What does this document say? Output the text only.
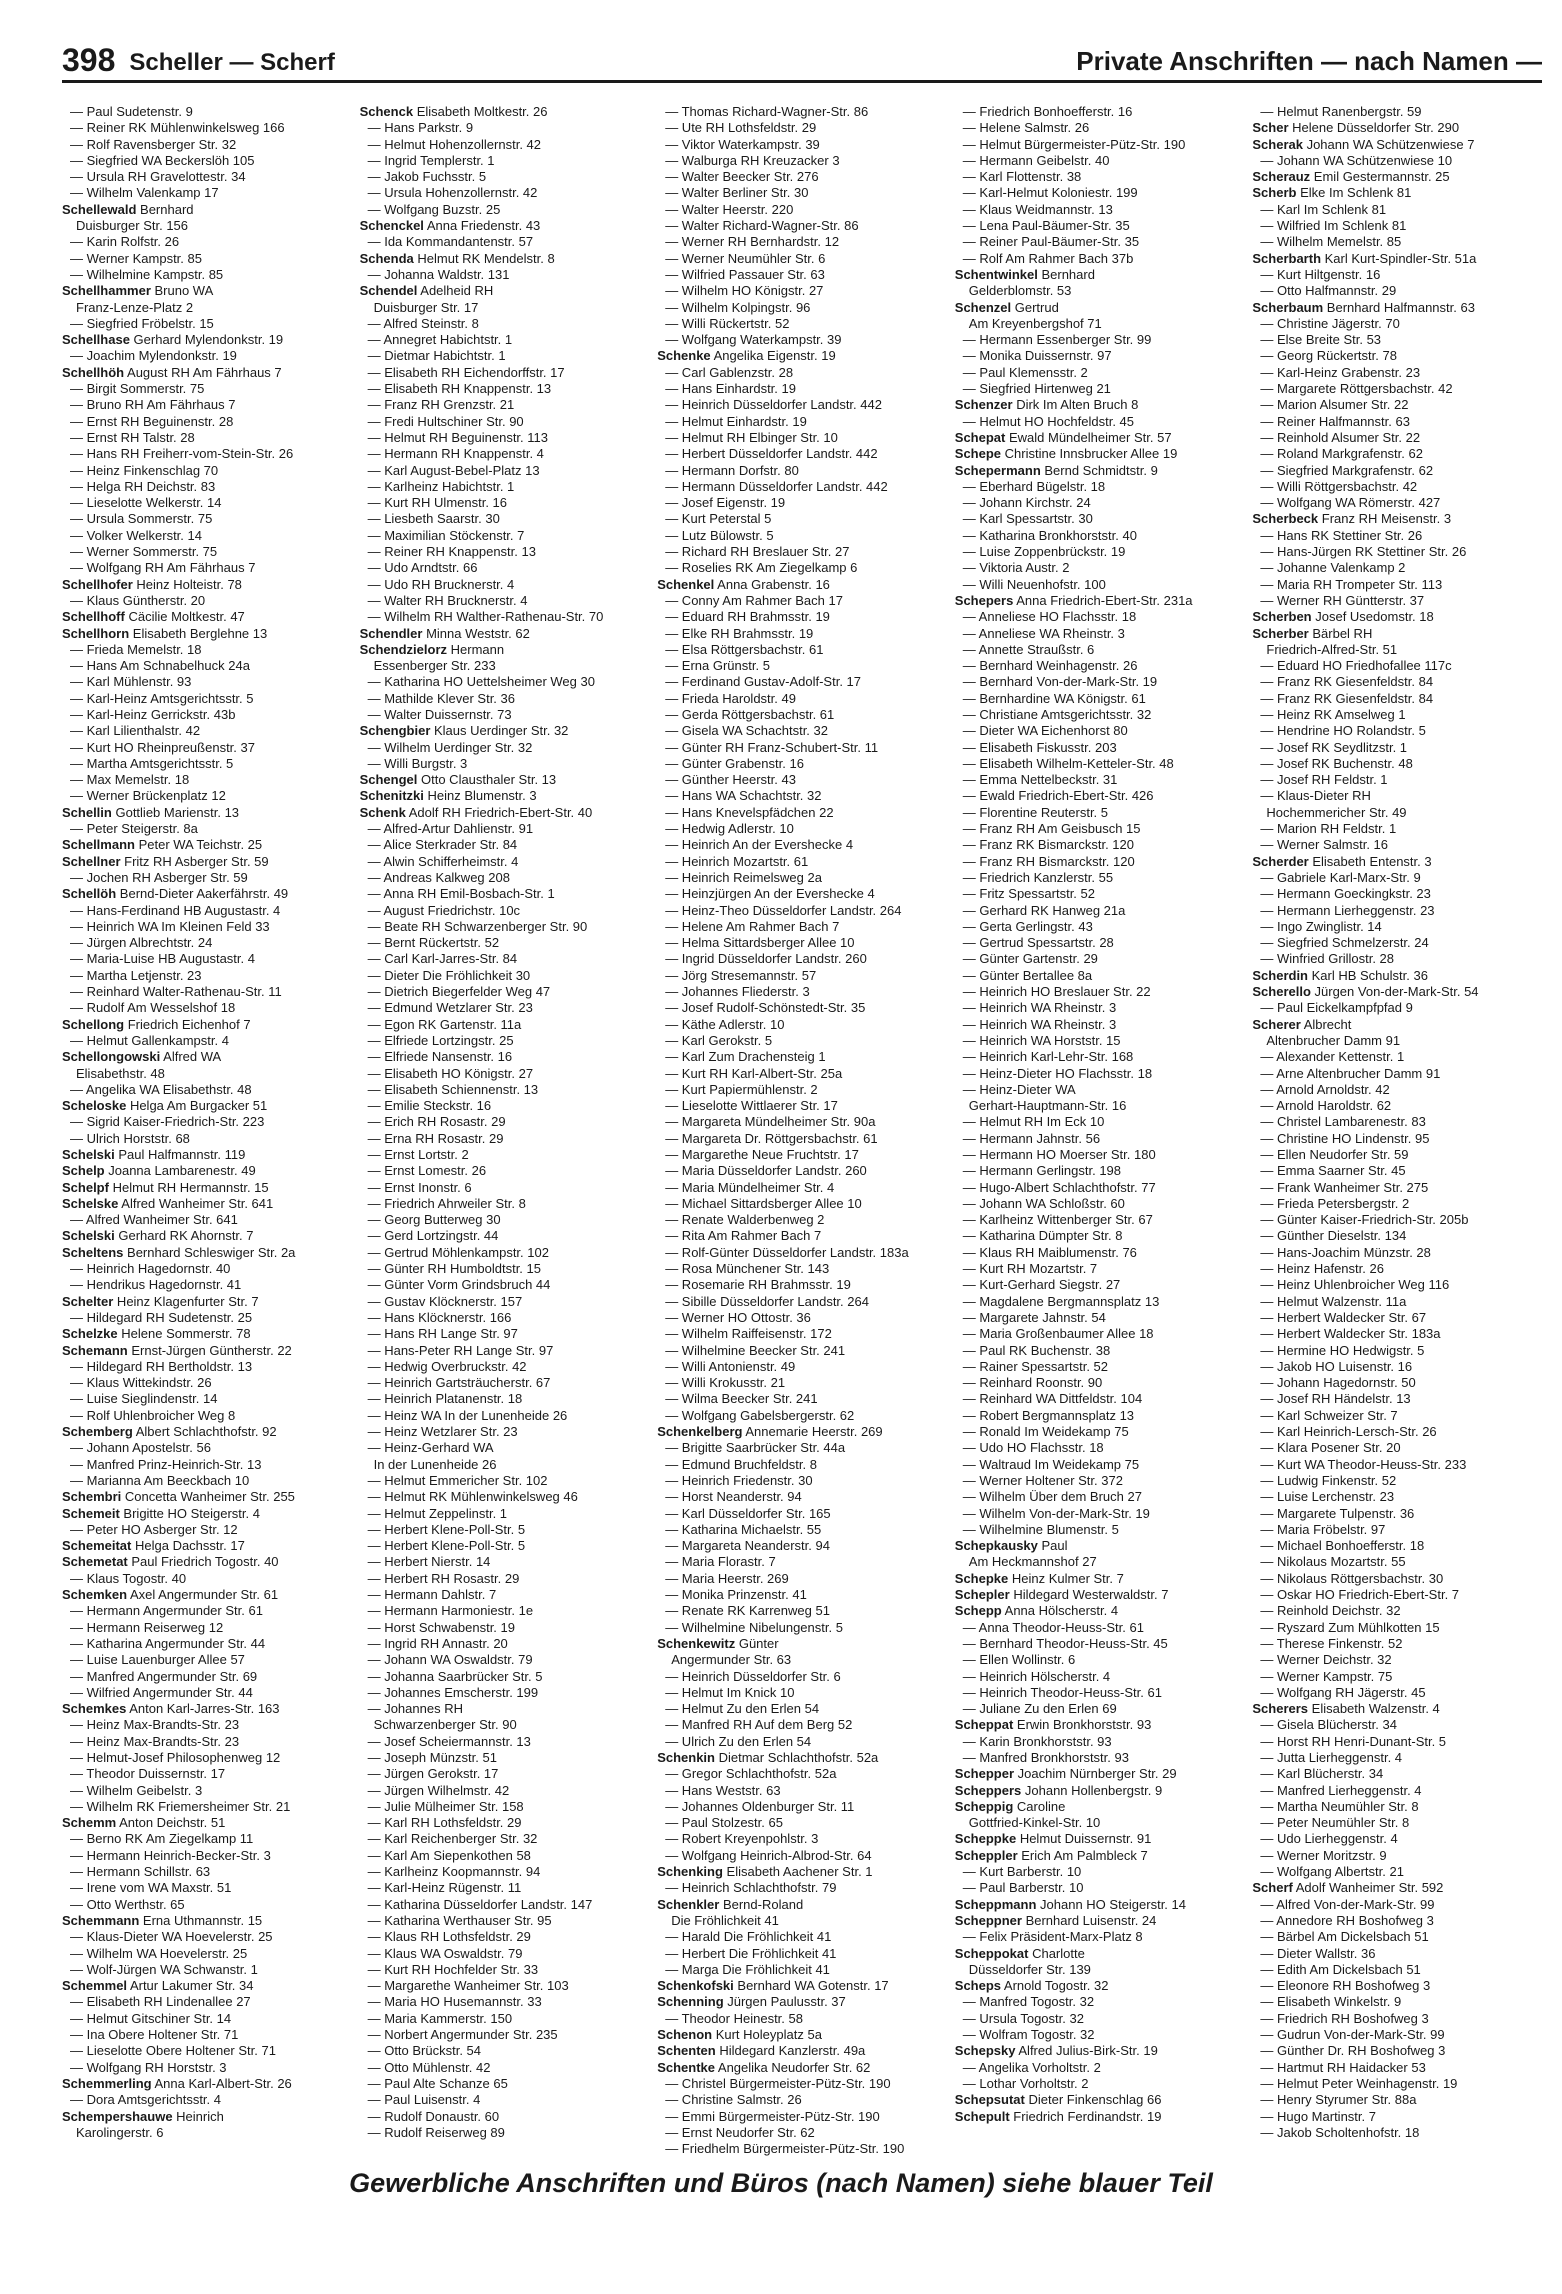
398 Scheller — Scherf	Private Anschriften — nach Namen —
— Paul Sudetenstr. 9
— Reiner RK Mühlenwinkelsweg 166
— Rolf Ravensberger Str. 32
— Siegfried WA Beckerslöh 105
— Ursula RH Gravelottestr. 34
— Wilhelm Valenkamp 17
Schellewald Bernhard
Duisburger Str. 156
— Karin Rolfstr. 26
— Werner Kampstr. 85
— Wilhelmine Kampstr. 85
Schellhammer Bruno WA
Franz-Lenze-Platz 2
— Siegfried Fröbelstr. 15
Schellhase Gerhard Mylendonkstr. 19
— Joachim Mylendonkstr. 19
Schellhöh August RH Am Fährhaus 7
— Birgit Sommerstr. 75
— Bruno RH Am Fährhaus 7
— Ernst RH Beguinenstr. 28
— Ernst RH Talstr. 28
— Hans RH Freiherr-vom-Stein-Str. 26
— Heinz Finkenschlag 70
— Helga RH Deichstr. 83
— Lieselotte Welkerstr. 14
— Ursula Sommerstr. 75
— Volker Welkerstr. 14
— Werner Sommerstr. 75
— Wolfgang RH Am Fährhaus 7
Schellhofer Heinz Holteistr. 78
— Klaus Güntherstr. 20
Schellhoff Cäcilie Moltkestr. 47
Schellhorn Elisabeth Berglehne 13
— Frieda Memelstr. 18
— Hans Am Schnabelhuck 24a
— Karl Mühlenstr. 93
— Karl-Heinz Amtsgerichtsstr. 5
— Karl-Heinz Gerrickstr. 43b
— Karl Lilienthalstr. 42
— Kurt HO Rheinpreußenstr. 37
— Martha Amtsgerichtsstr. 5
— Max Memelstr. 18
— Werner Brückenplatz 12
Schellin Gottlieb Marienstr. 13
— Peter Steigerstr. 8a
Schellmann Peter WA Teichstr. 25
Schellner Fritz RH Asberger Str. 59
— Jochen RH Asberger Str. 59
Schellöh Bernd-Dieter Aakerfährstr. 49
— Hans-Ferdinand HB Augustastr. 4
— Heinrich WA Im Kleinen Feld 33
— Jürgen Albrechtstr. 24
— Maria-Luise HB Augustastr. 4
— Martha Letjenstr. 23
— Reinhard Walter-Rathenau-Str. 11
— Rudolf Am Wesselshof 18
Schellong Friedrich Eichenhof 7
— Helmut Gallenkampstr. 4
Schellongowski Alfred WA
Elisabethstr. 48
— Angelika WA Elisabethstr. 48
Scheloske Helga Am Burgacker 51
— Sigrid Kaiser-Friedrich-Str. 223
— Ulrich Horststr. 68
Schelski Paul Halfmannstr. 119
Schelp Joanna Lambarenestr. 49
Schelpf Helmut RH Hermannstr. 15
Schelske Alfred Wanheimer Str. 641
— Alfred Wanheimer Str. 641
Schelski Gerhard RK Ahornstr. 7
Scheltens Bernhard Schleswiger Str. 2a
— Heinrich Hagedornstr. 40
— Hendrikus Hagedornstr. 41
Schelter Heinz Klagenfurter Str. 7
— Hildegard RH Sudetenstr. 25
Schelzke Helene Sommerstr. 78
Schemann Ernst-Jürgen Güntherstr. 22
— Hildegard RH Bertholdstr. 13
— Klaus Wittekindstr. 26
— Luise Sieglindenstr. 14
— Rolf Uhlenbroicher Weg 8
Schemberg Albert Schlachthofstr. 92
— Johann Apostelstr. 56
— Manfred Prinz-Heinrich-Str. 13
— Marianna Am Beeckbach 10
Schembri Concetta Wanheimer Str. 255
Schemeit Brigitte HO Steigerstr. 4
— Peter HO Asberger Str. 12
Schemeitat Helga Dachsstr. 17
Schemetat Paul Friedrich Togostr. 40
— Klaus Togostr. 40
Schemken Axel Angermunder Str. 61
— Hermann Angermunder Str. 61
— Hermann Reiserweg 12
— Katharina Angermunder Str. 44
— Luise Lauenburger Allee 57
— Manfred Angermunder Str. 69
— Wilfried Angermunder Str. 44
Schemkes Anton Karl-Jarres-Str. 163
— Heinz Max-Brandts-Str. 23
— Heinz Max-Brandts-Str. 23
— Helmut-Josef Philosophenweg 12
— Theodor Duissernstr. 17
— Wilhelm Geibelstr. 3
— Wilhelm RK Friemersheimer Str. 21
Schemm Anton Deichstr. 51
— Berno RK Am Ziegelkamp 11
— Hermann Heinrich-Becker-Str. 3
— Hermann Schillstr. 63
— Irene vom WA Maxstr. 51
— Otto Werthstr. 65
Schemmann Erna Uthmannstr. 15
— Klaus-Dieter WA Hoevelerstr. 25
— Wilhelm WA Hoevelerstr. 25
— Wolf-Jürgen WA Schwanstr. 1
Schemmel Artur Lakumer Str. 34
— Elisabeth RH Lindenallee 27
— Helmut Gitschiner Str. 14
— Ina Obere Holtener Str. 71
— Lieselotte Obere Holtener Str. 71
— Wolfgang RH Horststr. 3
Schemmerling Anna Karl-Albert-Str. 26
— Dora Amtsgerichtsstr. 4
Schempershauwe Heinrich
Karolingerstr. 6
Schenck Elisabeth Moltkestr. 26
— Hans Parkstr. 9
— Helmut Hohenzollernstr. 42
— Ingrid Templerstr. 1
— Jakob Fuchsstr. 5
— Ursula Hohenzollernstr. 42
— Wolfgang Buzstr. 25
Schenckel Anna Friedenstr. 43
— Ida Kommandantenstr. 57
Schenda Helmut RK Mendelstr. 8
— Johanna Waldstr. 131
Schendel Adelheid RH
Duisburger Str. 17
— Alfred Steinstr. 8
— Annegret Habichtstr. 1
— Dietmar Habichtstr. 1
— Elisabeth RH Eichendorffstr. 17
— Elisabeth RH Knappenstr. 13
— Franz RH Grenzstr. 21
— Fredi Hultschiner Str. 90
— Helmut RH Beguinenstr. 113
— Hermann RH Knappenstr. 4
— Karl August-Bebel-Platz 13
— Karlheinz Habichtstr. 1
— Kurt RH Ulmenstr. 16
— Liesbeth Saarstr. 30
— Maximilian Stöckenstr. 7
— Reiner RH Knappenstr. 13
— Udo Arndtstr. 66
— Udo RH Brucknerstr. 4
— Walter RH Brucknerstr. 4
— Wilhelm RH Walther-Rathenau-Str. 70
Schendler Minna Weststr. 62
Schendzielorz Hermann
Essenberger Str. 233
— Katharina HO Uettelsheimer Weg 30
— Mathilde Klever Str. 36
— Walter Duissernstr. 73
Schengbier Klaus Uerdinger Str. 32
— Wilhelm Uerdinger Str. 32
— Willi Burgstr. 3
Schengel Otto Clausthaler Str. 13
Schenitzki Heinz Blumenstr. 3
Schenk Adolf RH Friedrich-Ebert-Str. 40
— Alfred-Artur Dahlienstr. 91
— Alice Sterkrader Str. 84
— Alwin Schifferheimstr. 4
— Andreas Kalkweg 208
— Anna RH Emil-Bosbach-Str. 1
— August Friedrichstr. 10c
— Beate RH Schwarzenberger Str. 90
— Bernt Rückertstr. 52
— Carl Karl-Jarres-Str. 84
— Dieter Die Fröhlichkeit 30
— Dietrich Biegerfelder Weg 47
— Edmund Wetzlarer Str. 23
— Egon RK Gartenstr. 11a
— Elfriede Lortzingstr. 25
— Elfriede Nansenstr. 16
— Elisabeth HO Königstr. 27
— Elisabeth Schiennenstr. 13
— Emilie Steckstr. 16
— Erich RH Rosastr. 29
— Erna RH Rosastr. 29
— Ernst Lortstr. 2
— Ernst Lomestr. 26
— Ernst Inonstr. 6
— Friedrich Ahrweiler Str. 8
— Georg Butterweg 30
— Gerd Lortzingstr. 44
— Gertrud Möhlenkampstr. 102
— Günter RH Humboldtstr. 15
— Günter Vorm Grindsbruch 44
— Gustav Klöcknerstr. 157
— Hans Klöcknerstr. 166
— Hans RH Lange Str. 97
— Hans-Peter RH Lange Str. 97
— Hedwig Overbruckstr. 42
— Heinrich Gartsträucherstr. 67
— Heinrich Platanenstr. 18
— Heinz WA In der Lunenheide 26
— Heinz Wetzlarer Str. 23
— Heinz-Gerhard WA
In der Lunenheide 26
— Helmut Emmericher Str. 102
— Helmut RK Mühlenwinkelsweg 46
— Helmut Zeppelinstr. 1
— Herbert Klene-Poll-Str. 5
— Herbert Klene-Poll-Str. 5
— Herbert Nierstr. 14
— Herbert RH Rosastr. 29
— Hermann Dahlstr. 7
— Hermann Harmoniestr. 1e
— Horst Schwabenstr. 19
— Ingrid RH Annastr. 20
— Johann WA Oswaldstr. 79
— Johanna Saarbrücker Str. 5
— Johannes Emscherstr. 199
— Johannes RH
Schwarzenberger Str. 90
— Josef Scheiermannstr. 13
— Joseph Münzstr. 51
— Jürgen Gerokstr. 17
— Jürgen Wilhelmstr. 42
— Julie Mülheimer Str. 158
— Karl RH Lothsfeldstr. 29
— Karl Reichenberger Str. 32
— Karl Am Siepenkothen 58
— Karlheinz Koopmannstr. 94
— Karl-Heinz Rügenstr. 11
— Katharina Düsseldorfer Landstr. 147
— Katharina Werthauser Str. 95
— Klaus RH Lothsfeldstr. 29
— Klaus WA Oswaldstr. 79
— Kurt RH Hochfelder Str. 33
— Margarethe Wanheimer Str. 103
— Maria HO Husemannstr. 33
— Maria Kammerstr. 150
— Norbert Angermunder Str. 235
— Otto Brückstr. 54
— Otto Mühlenstr. 42
— Paul Alte Schanze 65
— Paul Luisenstr. 4
— Rudolf Donaustr. 60
— Rudolf Reiserweg 89
— Thomas Richard-Wagner-Str. 86
— Ute RH Lothsfeldstr. 29
— Viktor Waterkampstr. 39
— Walburga RH Kreuzacker 3
— Walter Beecker Str. 276
— Walter Berliner Str. 30
— Walter Heerstr. 220
— Walter Richard-Wagner-Str. 86
— Werner RH Bernhardstr. 12
— Werner Neumühler Str. 6
— Wilfried Passauer Str. 63
— Wilhelm HO Königstr. 27
— Wilhelm Kolpingstr. 96
— Willi Rückertstr. 52
— Wolfgang Waterkampstr. 39
Schenke Angelika Eigenstr. 19
— Carl Gablenzstr. 28
— Hans Einhardstr. 19
— Heinrich Düsseldorfer Landstr. 442
— Helmut Einhardstr. 19
— Helmut RH Elbinger Str. 10
— Herbert Düsseldorfer Landstr. 442
— Hermann Dorfstr. 80
— Hermann Düsseldorfer Landstr. 442
— Josef Eigenstr. 19
— Kurt Peterstal 5
— Lutz Bülowstr. 5
— Richard RH Breslauer Str. 27
— Roselies RK Am Ziegelkamp 6
Schenkel Anna Grabenstr. 16
— Conny Am Rahmer Bach 17
— Eduard RH Brahmsstr. 19
— Elke RH Brahmsstr. 19
— Elsa Röttgersbachstr. 61
— Erna Grünstr. 5
— Ferdinand Gustav-Adolf-Str. 17
— Frieda Haroldstr. 49
— Gerda Röttgersbachstr. 61
— Gisela WA Schachtstr. 32
— Günter RH Franz-Schubert-Str. 11
— Günter Grabenstr. 16
— Günther Heerstr. 43
— Hans WA Schachtstr. 32
— Hans Knevelspfädchen 22
— Hedwig Adlerstr. 10
— Heinrich An der Evershecke 4
— Heinrich Mozartstr. 61
— Heinrich Reimelsweg 2a
— Heinzjürgen An der Evershecke 4
— Heinz-Theo Düsseldorfer Landstr. 264
— Helene Am Rahmer Bach 7
— Helma Sittardsberger Allee 10
— Ingrid Düsseldorfer Landstr. 260
— Jörg Stresemannstr. 57
— Johannes Fliederstr. 3
— Josef Rudolf-Schönstedt-Str. 35
— Käthe Adlerstr. 10
— Karl Gerokstr. 5
— Karl Zum Drachensteig 1
— Kurt RH Karl-Albert-Str. 25a
— Kurt Papiermühlenstr. 2
— Lieselotte Wittlaerer Str. 17
— Margareta Mündelheimer Str. 90a
— Margareta Dr. Röttgersbachstr. 61
— Margarethe Neue Fruchtstr. 17
— Maria Düsseldorfer Landstr. 260
— Maria Mündelheimer Str. 4
— Michael Sittardsberger Allee 10
— Renate Walderbenweg 2
— Rita Am Rahmer Bach 7
— Rolf-Günter Düsseldorfer Landstr. 183a
— Rosa Münchener Str. 143
— Rosemarie RH Brahmsstr. 19
— Sibille Düsseldorfer Landstr. 264
— Werner HO Ottostr. 36
— Wilhelm Raiffeisenstr. 172
— Wilhelmine Beecker Str. 241
— Willi Antonienstr. 49
— Willi Krokusstr. 21
— Wilma Beecker Str. 241
— Wolfgang Gabelsbergerstr. 62
Schenkelberg Annemarie Heerstr. 269
— Brigitte Saarbrücker Str. 44a
— Edmund Bruchfeldstr. 8
— Heinrich Friedenstr. 30
— Horst Neanderstr. 94
— Karl Düsseldorfer Str. 165
— Katharina Michaelstr. 55
— Margareta Neanderstr. 94
— Maria Florastr. 7
— Maria Heerstr. 269
— Monika Prinzenstr. 41
— Renate RK Karrenweg 51
— Wilhelmine Nibelungenstr. 5
Schenkewitz Günter
Angermunder Str. 63
— Heinrich Düsseldorfer Str. 6
— Helmut Im Knick 10
— Helmut Zu den Erlen 54
— Manfred RH Auf dem Berg 52
— Ulrich Zu den Erlen 54
Schenkin Dietmar Schlachthofstr. 52a
— Gregor Schlachthofstr. 52a
— Hans Weststr. 63
— Johannes Oldenburger Str. 11
— Paul Stolzestr. 65
— Robert Kreyenpohlstr. 3
— Wolfgang Heinrich-Albrod-Str. 64
Schenking Elisabeth Aachener Str. 1
— Heinrich Schlachthofstr. 79
Schenkler Bernd-Roland
Die Fröhlichkeit 41
— Harald Die Fröhlichkeit 41
— Herbert Die Fröhlichkeit 41
— Marga Die Fröhlichkeit 41
Schenkofski Bernhard WA Gotenstr. 17
Schenning Jürgen Paulusstr. 37
— Theodor Heinestr. 58
Schenon Kurt Holeyplatz 5a
Schenten Hildegard Kanzlerstr. 49a
Schentke Angelika Neudorfer Str. 62
— Christel Bürgermeister-Pütz-Str. 190
— Christine Salmstr. 26
— Emmi Bürgermeister-Pütz-Str. 190
— Ernst Neudorfer Str. 62
— Friedhelm Bürgermeister-Pütz-Str. 190
— Friedrich Bonhoefferstr. 16
— Helene Salmstr. 26
— Helmut Bürgermeister-Pütz-Str. 190
— Hermann Geibelstr. 40
— Karl Flottenstr. 38
— Karl-Helmut Koloniestr. 199
— Klaus Weidmannstr. 13
— Lena Paul-Bäumer-Str. 35
— Reiner Paul-Bäumer-Str. 35
— Rolf Am Rahmer Bach 37b
Schentwinkel Bernhard
Gelderblomstr. 53
Schenzel Gertrud
Am Kreyenbergshof 71
— Hermann Essenberger Str. 99
— Monika Duissernstr. 97
— Paul Klemensstr. 2
— Siegfried Hirtenweg 21
Schenzer Dirk Im Alten Bruch 8
— Helmut HO Hochfeldstr. 45
Schepat Ewald Mündelheimer Str. 57
Schepe Christine Innsbrucker Allee 19
Schepermann Bernd Schmidtstr. 9
— Eberhard Bügelstr. 18
— Johann Kirchstr. 24
— Karl Spessartstr. 30
— Katharina Bronkhorststr. 40
— Luise Zoppenbrückstr. 19
— Viktoria Austr. 2
— Willi Neuenhofstr. 100
Schepers Anna Friedrich-Ebert-Str. 231a
— Anneliese HO Flachsstr. 18
— Anneliese WA Rheinstr. 3
— Annette Straußstr. 6
— Bernhard Weinhagenstr. 26
— Bernhard Von-der-Mark-Str. 19
— Bernhardine WA Königstr. 61
— Christiane Amtsgerichtsstr. 32
— Dieter WA Eichenhorst 80
— Elisabeth Fiskusstr. 203
— Elisabeth Wilhelm-Ketteler-Str. 48
— Emma Nettelbeckstr. 31
— Ewald Friedrich-Ebert-Str. 426
— Florentine Reuterstr. 5
— Franz RH Am Geisbusch 15
— Franz RK Bismarckstr. 120
— Franz RH Bismarckstr. 120
— Friedrich Kanzlerstr. 55
— Fritz Spessartstr. 52
— Gerhard RK Hanweg 21a
— Gerta Gerlingstr. 43
— Gertrud Spessartstr. 28
— Günter Gartenstr. 29
— Günter Bertallee 8a
— Heinrich HO Breslauer Str. 22
— Heinrich WA Rheinstr. 3
— Heinrich WA Rheinstr. 3
— Heinrich WA Horststr. 15
— Heinrich Karl-Lehr-Str. 168
— Heinz-Dieter HO Flachsstr. 18
— Heinz-Dieter WA
Gerhart-Hauptmann-Str. 16
— Helmut RH Im Eck 10
— Hermann Jahnstr. 56
— Hermann HO Moerser Str. 180
— Hermann Gerlingstr. 198
— Hugo-Albert Schlachthofstr. 77
— Johann WA Schloßstr. 60
— Karlheinz Wittenberger Str. 67
— Katharina Dümpter Str. 8
— Klaus RH Maiblumenstr. 76
— Kurt RH Mozartstr. 7
— Kurt-Gerhard Siegstr. 27
— Magdalene Bergmannsplatz 13
— Margarete Jahnstr. 54
— Maria Großenbaumer Allee 18
— Paul RK Buchenstr. 38
— Rainer Spessartstr. 52
— Reinhard Roonstr. 90
— Reinhard WA Dittfeldstr. 104
— Robert Bergmannsplatz 13
— Ronald Im Weidekamp 75
— Udo HO Flachsstr. 18
— Waltraud Im Weidekamp 75
— Werner Holtener Str. 372
— Wilhelm Über dem Bruch 27
— Wilhelm Von-der-Mark-Str. 19
— Wilhelmine Blumenstr. 5
Schepkausky Paul
Am Heckmannshof 27
Schepke Heinz Kulmer Str. 7
Schepler Hildegard Westerwaldstr. 7
Schepp Anna Hölscherstr. 4
— Anna Theodor-Heuss-Str. 61
— Bernhard Theodor-Heuss-Str. 45
— Ellen Wollinstr. 6
— Heinrich Hölscherstr. 4
— Heinrich Theodor-Heuss-Str. 61
— Juliane Zu den Erlen 69
Scheppat Erwin Bronkhorststr. 93
— Karin Bronkhorststr. 93
— Manfred Bronkhorststr. 93
Schepper Joachim Nürnberger Str. 29
Scheppers Johann Hollenbergstr. 9
Scheppig Caroline
Gottfried-Kinkel-Str. 10
Scheppke Helmut Duissernstr. 91
Scheppler Erich Am Palmbleck 7
— Kurt Barberstr. 10
— Paul Barberstr. 10
Scheppmann Johann HO Steigerstr. 14
Scheppner Bernhard Luisenstr. 24
— Felix Präsident-Marx-Platz 8
Scheppokat Charlotte
Düsseldorfer Str. 139
Scheps Arnold Togostr. 32
— Manfred Togostr. 32
— Ursula Togostr. 32
— Wolfram Togostr. 32
Schepsky Alfred Julius-Birk-Str. 19
— Angelika Vorholtstr. 2
— Lothar Vorholtstr. 2
Schepsutat Dieter Finkenschlag 66
Schepult Friedrich Ferdinandstr. 19
— Helmut Ranenbergstr. 59
Scher Helene Düsseldorfer Str. 290
Scherak Johann WA Schützenwiese 7
— Johann WA Schützenwiese 10
Scherauz Emil Gestermannstr. 25
Scherb Elke Im Schlenk 81
— Karl Im Schlenk 81
— Wilfried Im Schlenk 81
— Wilhelm Memelstr. 85
Scherbarth Karl Kurt-Spindler-Str. 51a
— Kurt Hiltgenstr. 16
— Otto Halfmannstr. 29
Scherbaum Bernhard Halfmannstr. 63
— Christine Jägerstr. 70
— Else Breite Str. 53
— Georg Rückertstr. 78
— Karl-Heinz Grabenstr. 23
— Margarete Röttgersbachstr. 42
— Marion Alsumer Str. 22
— Reiner Halfmannstr. 63
— Reinhold Alsumer Str. 22
— Roland Markgrafenstr. 62
— Siegfried Markgrafenstr. 62
— Willi Röttgersbachstr. 42
— Wolfgang WA Römerstr. 427
Scherbeck Franz RH Meisenstr. 3
— Hans RK Stettiner Str. 26
— Hans-Jürgen RK Stettiner Str. 26
— Johanne Valenkamp 2
— Maria RH Trompeter Str. 113
— Werner RH Güntterstr. 37
Scherben Josef Usedomstr. 18
Scherber Bärbel RH
Friedrich-Alfred-Str. 51
— Eduard HO Friedhofallee 117c
— Franz RK Giesenfeldstr. 84
— Franz RK Giesenfeldstr. 84
— Heinz RK Amselweg 1
— Hendrine HO Rolandstr. 5
— Josef RK Seydlitzstr. 1
— Josef RK Buchenstr. 48
— Josef RH Feldstr. 1
— Klaus-Dieter RH
Hochemmericher Str. 49
— Marion RH Feldstr. 1
— Werner Salmstr. 16
Scherder Elisabeth Entenstr. 3
— Gabriele Karl-Marx-Str. 9
— Hermann Goeckingkstr. 23
— Hermann Lierheggenstr. 23
— Ingo Zwinglistr. 14
— Siegfried Schmelzerstr. 24
— Winfried Grillostr. 28
Scherdin Karl HB Schulstr. 36
Scherello Jürgen Von-der-Mark-Str. 54
— Paul Eickelkampfpfad 9
Scherer Albrecht
Altenbrucher Damm 91
— Alexander Kettenstr. 1
— Arne Altenbrucher Damm 91
— Arnold Arnoldstr. 42
— Arnold Haroldstr. 62
— Christel Lambarenestr. 83
— Christine HO Lindenstr. 95
— Ellen Neudorfer Str. 59
— Emma Saarner Str. 45
— Frank Wanheimer Str. 275
— Frieda Petersbergstr. 2
— Günter Kaiser-Friedrich-Str. 205b
— Günther Dieselstr. 134
— Hans-Joachim Münzstr. 28
— Heinz Hafenstr. 26
— Heinz Uhlenbroicher Weg 116
— Helmut Walzenstr. 11a
— Herbert Waldecker Str. 67
— Herbert Waldecker Str. 183a
— Hermine HO Hedwigstr. 5
— Jakob HO Luisenstr. 16
— Johann Hagedornstr. 50
— Josef RH Händelstr. 13
— Karl Schweizer Str. 7
— Karl Heinrich-Lersch-Str. 26
— Klara Posener Str. 20
— Kurt WA Theodor-Heuss-Str. 233
— Ludwig Finkenstr. 52
— Luise Lerchenstr. 23
— Margarete Tulpenstr. 36
— Maria Fröbelstr. 97
— Michael Bonhoefferstr. 18
— Nikolaus Mozartstr. 55
— Nikolaus Röttgersbachstr. 30
— Oskar HO Friedrich-Ebert-Str. 7
— Reinhold Deichstr. 32
— Ryszard Zum Mühlkotten 15
— Therese Finkenstr. 52
— Werner Deichstr. 32
— Werner Kampstr. 75
— Wolfgang RH Jägerstr. 45
Scherers Elisabeth Walzenstr. 4
— Gisela Blücherstr. 34
— Horst RH Henri-Dunant-Str. 5
— Jutta Lierheggenstr. 4
— Karl Blücherstr. 34
— Manfred Lierheggenstr. 4
— Martha Neumühler Str. 8
— Peter Neumühler Str. 8
— Udo Lierheggenstr. 4
— Werner Moritzstr. 9
— Wolfgang Albertstr. 21
Scherf Adolf Wanheimer Str. 592
— Alfred Von-der-Mark-Str. 99
— Annedore RH Boshofweg 3
— Bärbel Am Dickelsbach 51
— Dieter Wallstr. 36
— Edith Am Dickelsbach 51
— Eleonore RH Boshofweg 3
— Elisabeth Winkelstr. 9
— Friedrich RH Boshofweg 3
— Gudrun Von-der-Mark-Str. 99
— Günther Dr. RH Boshofweg 3
— Hartmut RH Haidacker 53
— Helmut Peter Weinhagenstr. 19
— Henry Styrumer Str. 88a
— Hugo Martinstr. 7
— Jakob Scholtenhofstr. 18
Gewerbliche Anschriften und Büros (nach Namen) siehe blauer Teil
